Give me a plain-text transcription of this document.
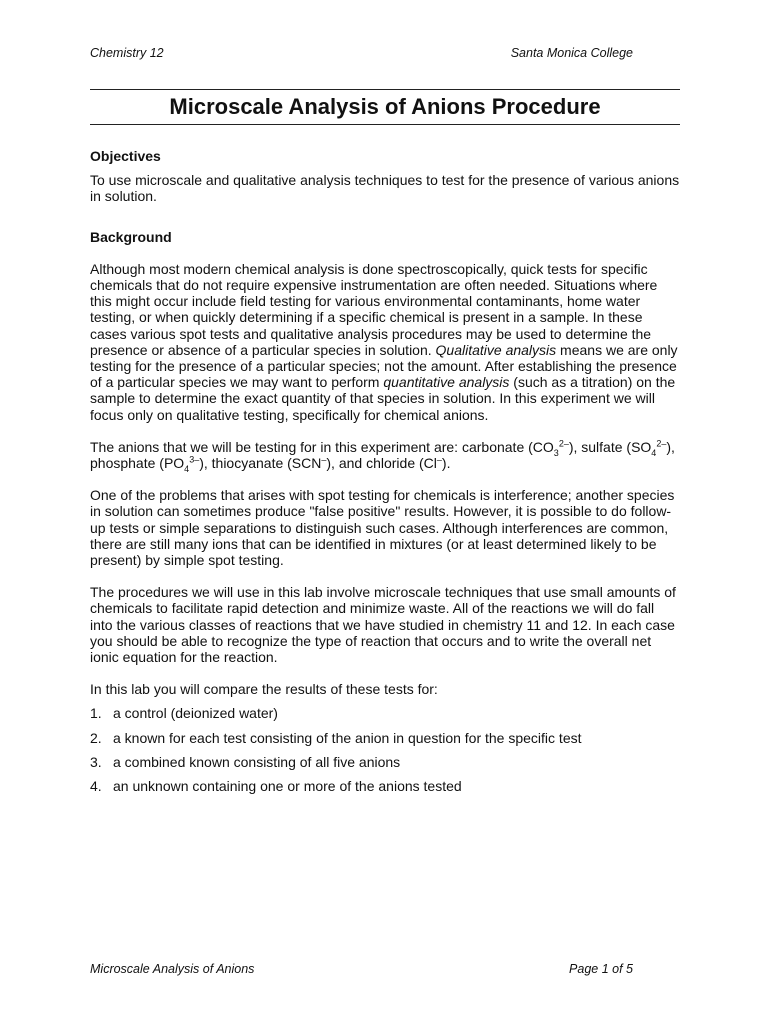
Chemistry 12	Santa Monica College
Microscale Analysis of Anions Procedure
Objectives

To use microscale and qualitative analysis techniques to test for the presence of various anions in solution.

Background

Although most modern chemical analysis is done spectroscopically, quick tests for specific chemicals that do not require expensive instrumentation are often needed. Situations where this might occur include field testing for various environmental contaminants, home water testing, or when quickly determining if a specific chemical is present in a sample. In these cases various spot tests and qualitative analysis procedures may be used to determine the presence or absence of a particular species in solution. Qualitative analysis means we are only testing for the presence of a particular species; not the amount. After establishing the presence of a particular species we may want to perform quantitative analysis (such as a titration) on the sample to determine the exact quantity of that species in solution. In this experiment we will focus only on qualitative testing, specifically for chemical anions.

The anions that we will be testing for in this experiment are: carbonate $(CO_3^{2-})$, sulfate $(SO_4^{2-})$, phosphate $(PO_4^{3-})$, thiocyanate (SCN–), and chloride (Cl–).

One of the problems that arises with spot testing for chemicals is interference; another species in solution can sometimes produce "false positive" results. However, it is possible to do follow-up tests or simple separations to distinguish such cases. Although interferences are common, there are still many ions that can be identified in mixtures (or at least determined likely to be present) by simple spot testing.

The procedures we will use in this lab involve microscale techniques that use small amounts of chemicals to facilitate rapid detection and minimize waste. All of the reactions we will do fall into the various classes of reactions that we have studied in chemistry 11 and 12. In each case you should be able to recognize the type of reaction that occurs and to write the overall net ionic equation for the reaction.

In this lab you will compare the results of these tests for:

1. a control (deionized water)
2. a known for each test consisting of the anion in question for the specific test
3. a combined known consisting of all five anions
4. an unknown containing one or more of the anions tested
Microscale Analysis of Anions	Page 1 of 5
